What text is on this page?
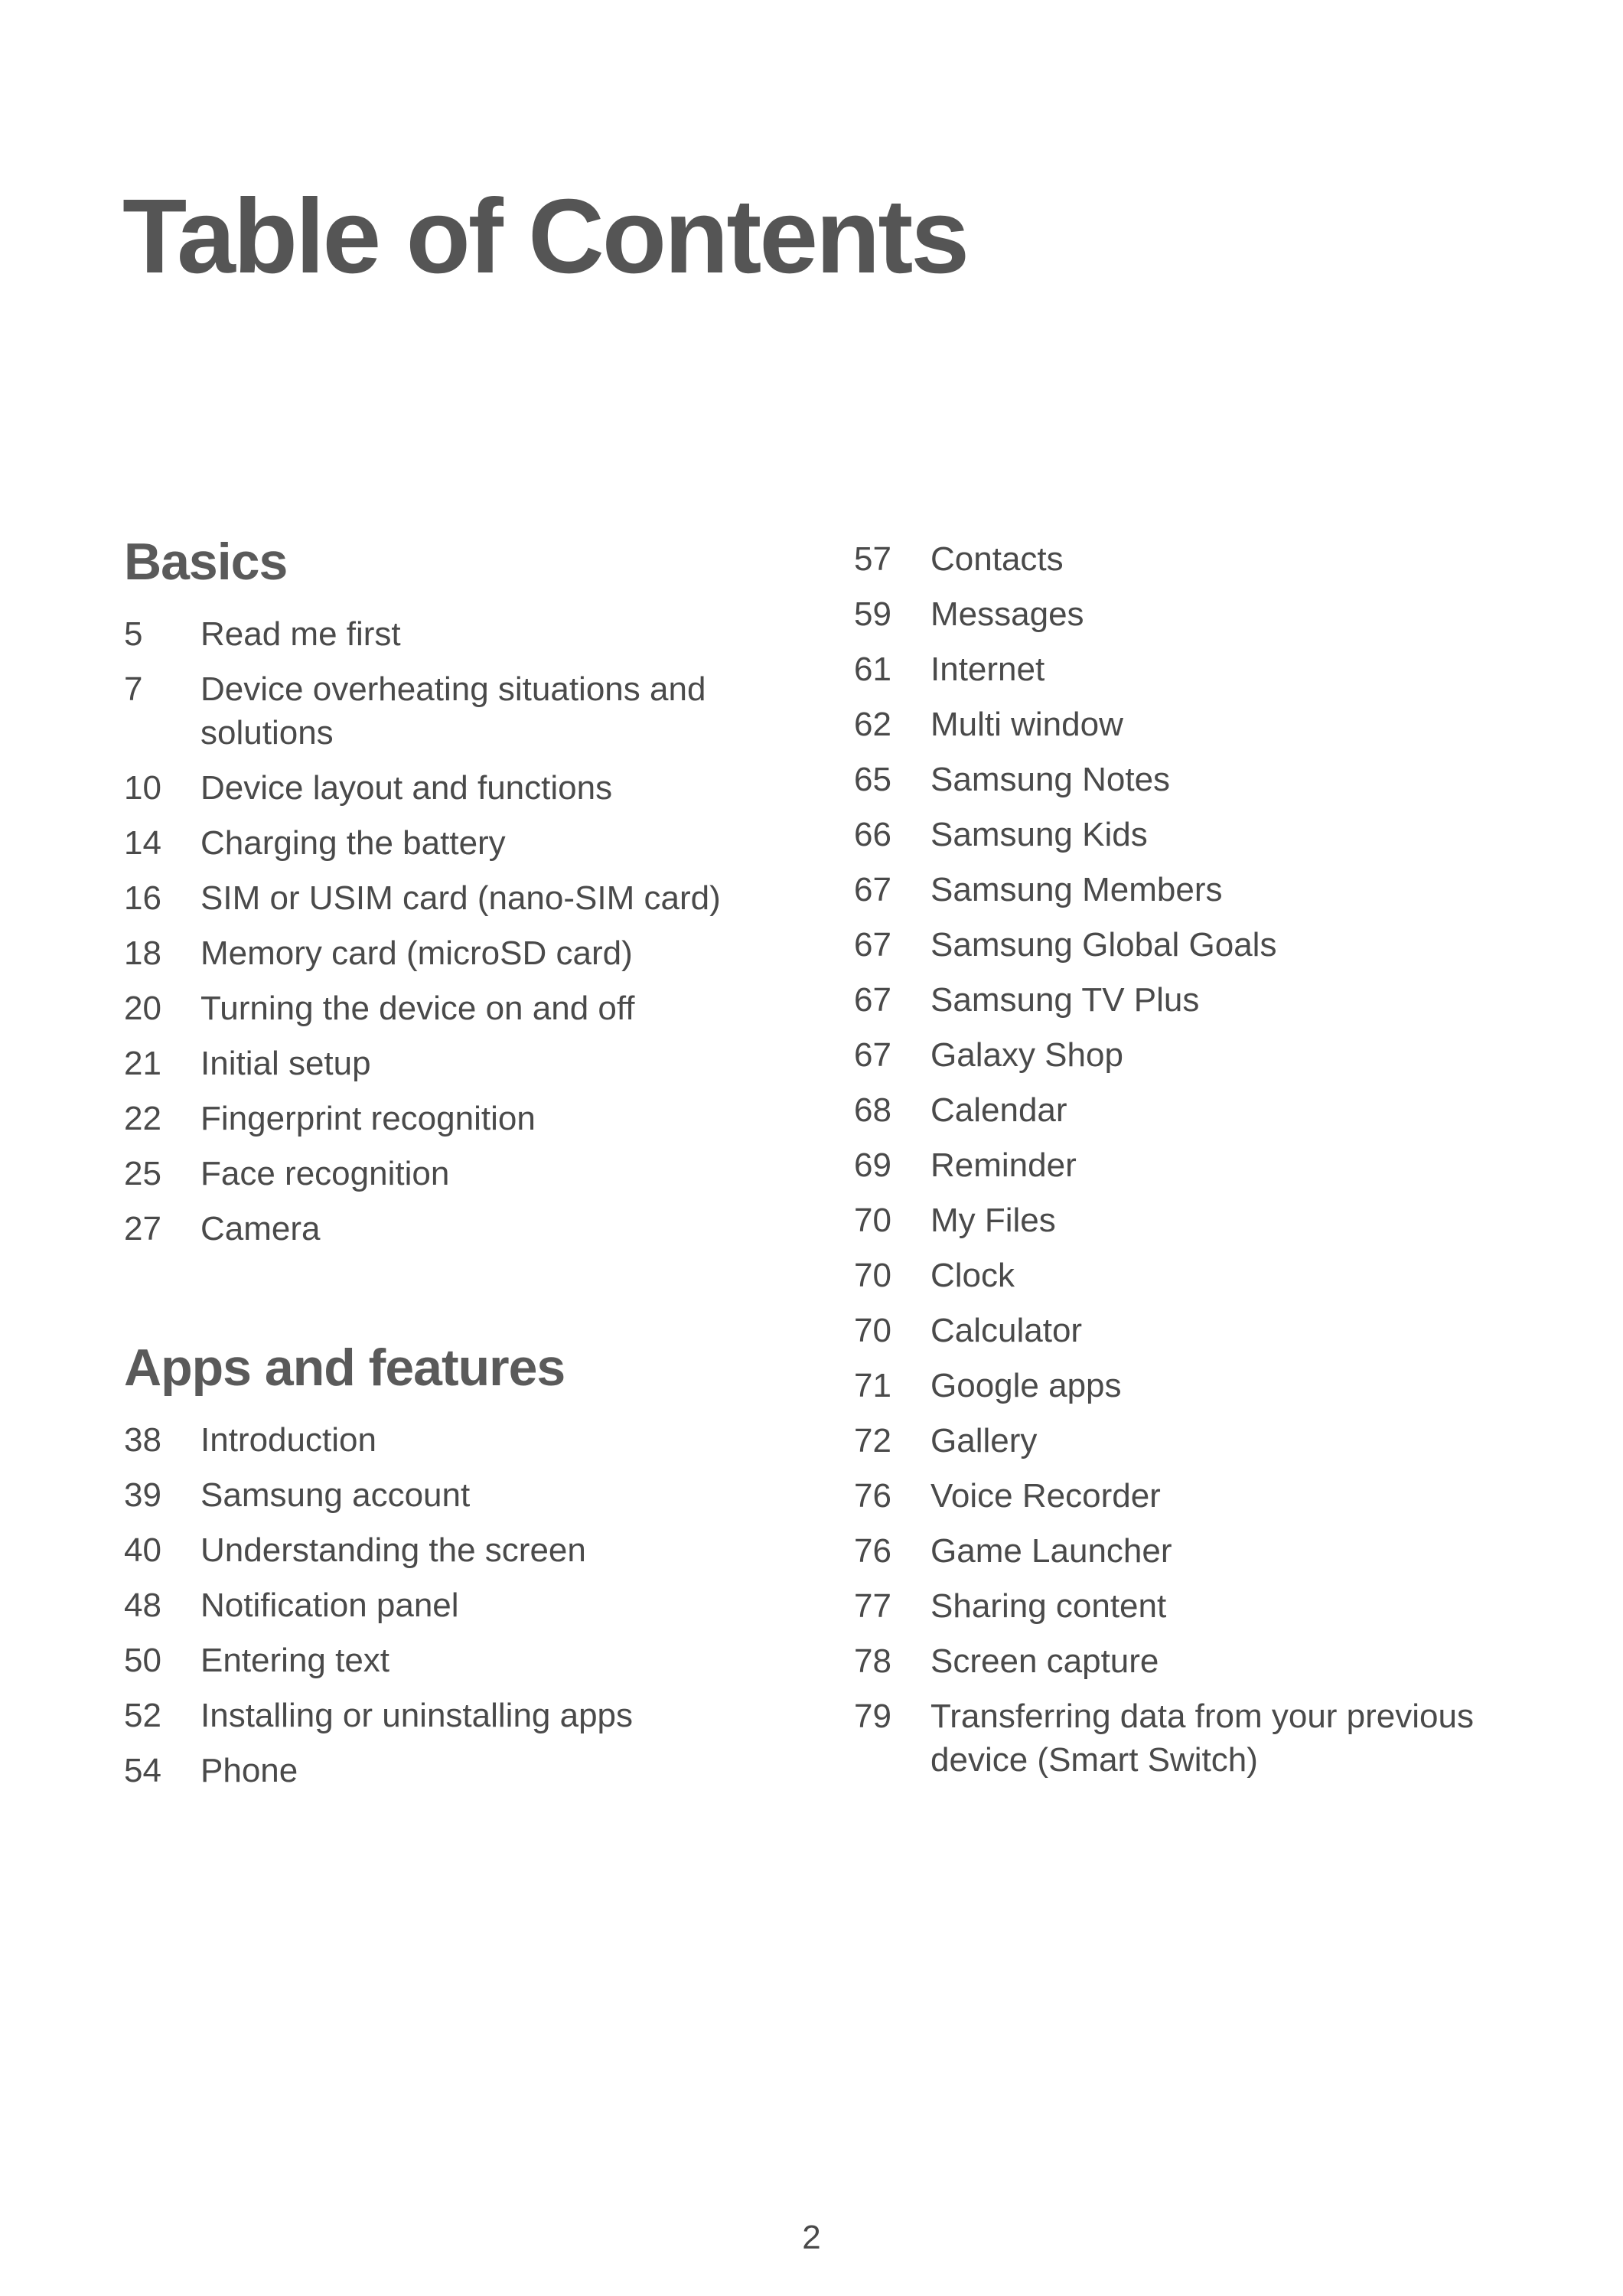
Table of Contents
Basics
5	Read me first
7	Device overheating situations and solutions
10	Device layout and functions
14	Charging the battery
16	SIM or USIM card (nano-SIM card)
18	Memory card (microSD card)
20	Turning the device on and off
21	Initial setup
22	Fingerprint recognition
25	Face recognition
27	Camera
Apps and features
38	Introduction
39	Samsung account
40	Understanding the screen
48	Notification panel
50	Entering text
52	Installing or uninstalling apps
54	Phone
57	Contacts
59	Messages
61	Internet
62	Multi window
65	Samsung Notes
66	Samsung Kids
67	Samsung Members
67	Samsung Global Goals
67	Samsung TV Plus
67	Galaxy Shop
68	Calendar
69	Reminder
70	My Files
70	Clock
70	Calculator
71	Google apps
72	Gallery
76	Voice Recorder
76	Game Launcher
77	Sharing content
78	Screen capture
79	Transferring data from your previous device (Smart Switch)
2
